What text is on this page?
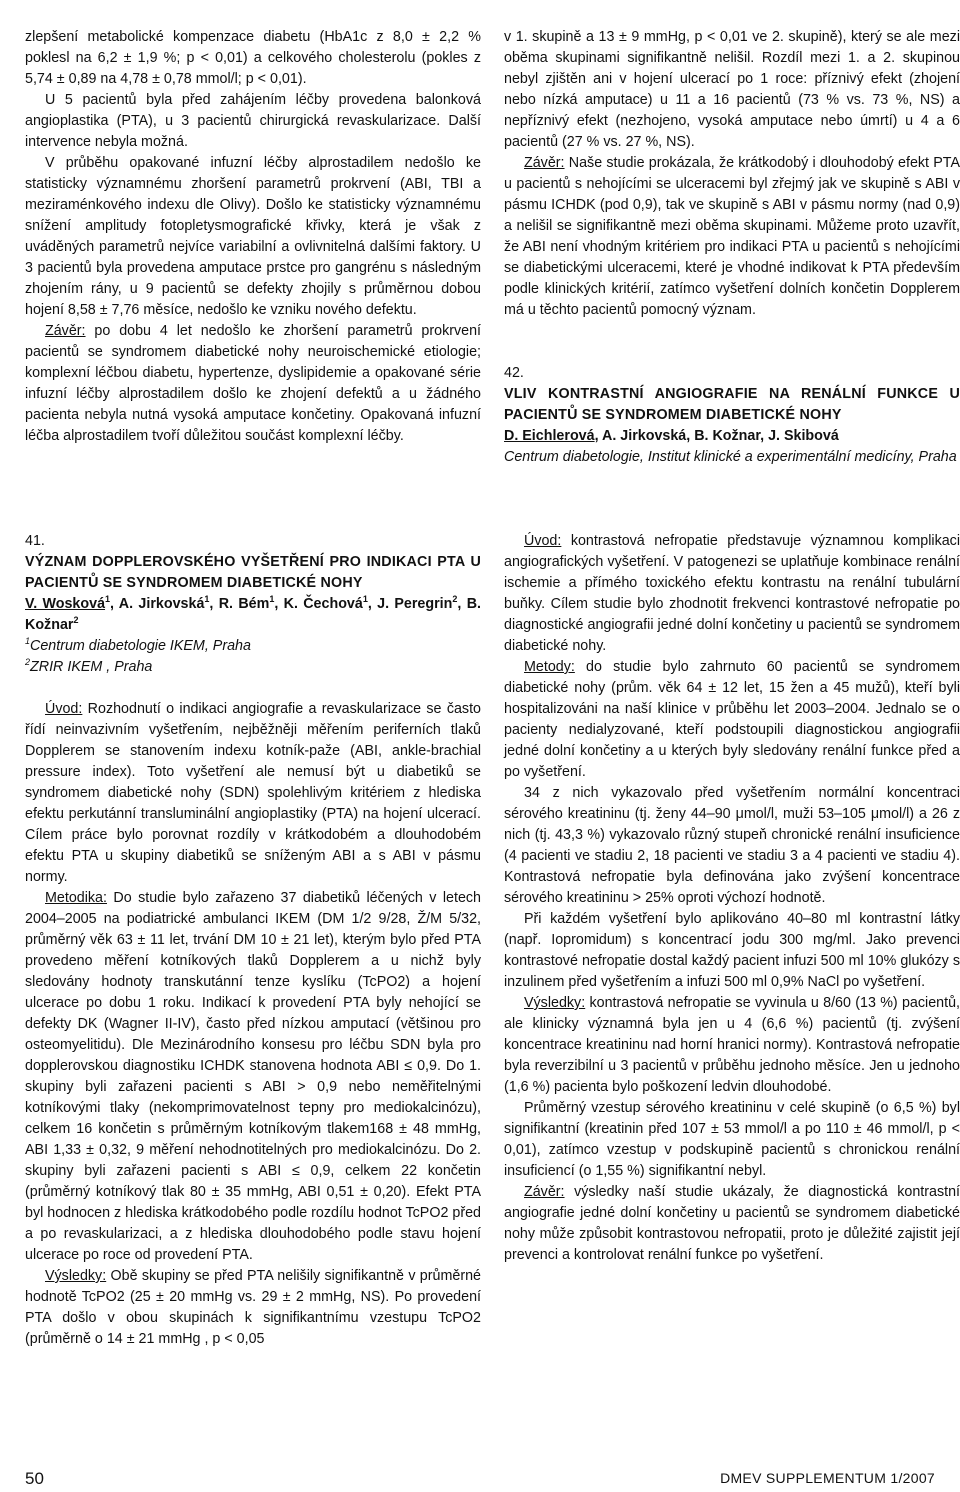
zlepšení metabolické kompenzace diabetu (HbA1c z 8,0 ± 2,2 % poklesl na 6,2 ± 1,9 %; p < 0,01) a celkového cholesterolu (pokles z 5,74 ± 0,89 na 4,78 ± 0,78 mmol/l; p < 0,01).

U 5 pacientů byla před zahájením léčby provedena balonková angioplastika (PTA), u 3 pacientů chirurgická revaskularizace. Další intervence nebyla možná.

V průběhu opakované infuzní léčby alprostadilem nedošlo ke statisticky významnému zhoršení parametrů prokrvení (ABI, TBI a meziraménkového indexu dle Olivy). Došlo ke statisticky významnému snížení amplitudy fotopletysmografické křivky, která je však z uváděných parametrů nejvíce variabilní a ovlivnitelná dalšími faktory. U 3 pacientů byla provedena amputace prstce pro gangrénu s následným zhojením rány, u 9 pacientů se defekty zhojily s průměrnou dobou hojení 8,58 ± 7,76 měsíce, nedošlo ke vzniku nového defektu.

Závěr: po dobu 4 let nedošlo ke zhoršení parametrů prokrvení pacientů se syndromem diabetické nohy neuroischemické etiologie; komplexní léčbou diabetu, hypertenze, dyslipidemie a opakované série infuzní léčby alprostadilem došlo ke zhojení defektů a u žádného pacienta nebyla nutná vysoká amputace končetiny. Opakovaná infuzní léčba alprostadilem tvoří důležitou součást komplexní léčby.

v 1. skupině a 13 ± 9 mmHg, p < 0,01 ve 2. skupině), který se ale mezi oběma skupinami signifikantně nelišil. Rozdíl mezi 1. a 2. skupinou nebyl zjištěn ani v hojení ulcerací po 1 roce: příznivý efekt (zhojení nebo nízká amputace) u 11 a 16 pacientů (73 % vs. 73 %, NS) a nepříznivý efekt (nezhojeno, vysoká amputace nebo úmrtí) u 4 a 6 pacientů (27 % vs. 27 %, NS).

Závěr: Naše studie prokázala, že krátkodobý i dlouhodobý efekt PTA u pacientů s nehojícími se ulceracemi byl zřejmý jak ve skupině s ABI v pásmu ICHDK (pod 0,9), tak ve skupině s ABI v pásmu normy (nad 0,9) a nelišil se signifikantně mezi oběma skupinami. Můžeme proto uzavřít, že ABI není vhodným kritériem pro indikaci PTA u pacientů s nehojícími se diabetickými ulceracemi, které je vhodné indikovat k PTA především podle klinických kritérií, zatímco vyšetření dolních končetin Dopplerem má u těchto pacientů pomocný význam.

42.

VLIV KONTRASTNÍ ANGIOGRAFIE NA RENÁLNÍ FUNKCE U PACIENTŮ SE SYNDROMEM DIABETICKÉ NOHY

D. Eichlerová, A. Jirkovská, B. Kožnar, J. Skibová

Centrum diabetologie, Institut klinické a experimentální medicíny, Praha

41.

VÝZNAM DOPPLEROVSKÉHO VYŠETŘENÍ PRO INDIKACI PTA U PACIENTŮ SE SYNDROMEM DIABETICKÉ NOHY

V. Wosková$^1$, A. Jirkovská$^1$, R. Bém$^1$, K. Čechová$^1$, J. Peregrin$^2$, B. Kožnar$^2$

$^1$Centrum diabetologie IKEM, Praha

$^2$ZRIR IKEM , Praha

Úvod: Rozhodnutí o indikaci angiografie a revaskularizace se často řídí neinvazivním vyšetřením, nejběžněji měřením periferních tlaků Dopplerem se stanovením indexu kotník-paže (ABI, ankle-brachial pressure index). Toto vyšetření ale nemusí být u diabetiků se syndromem diabetické nohy (SDN) spolehlivým kritériem z hlediska efektu perkutánní transluminální angioplastiky (PTA) na hojení ulcerací. Cílem práce bylo porovnat rozdíly v krátkodobém a dlouhodobém efektu PTA u skupiny diabetiků se sníženým ABI a s ABI v pásmu normy.

Metodika: Do studie bylo zařazeno 37 diabetiků léčených v letech 2004–2005 na podiatrické ambulanci IKEM (DM 1/2 9/28, Ž/M 5/32, průměrný věk 63 ± 11 let, trvání DM 10 ± 21 let), kterým bylo před PTA provedeno měření kotníkových tlaků Dopplerem a u nichž byly sledovány hodnoty transkutánní tenze kyslíku (TcPO2) a hojení ulcerace po dobu 1 roku. Indikací k provedení PTA byly nehojící se defekty DK (Wagner II-IV), často před nízkou amputací (většinou pro osteomyelitidu). Dle Mezinárodního konsesu pro léčbu SDN byla pro dopplerovskou diagnostiku ICHDK stanovena hodnota ABI ≤ 0,9. Do 1. skupiny byli zařazeni pacienti s ABI > 0,9 nebo neměřitelnými kotníkovými tlaky (nekomprimovatelnost tepny pro mediokalcinózu), celkem 16 končetin s průměrným kotníkovým tlakem168 ± 48 mmHg, ABI 1,33 ± 0,32, 9 měření nehodnotitelných pro mediokalcinózu. Do 2. skupiny byli zařazeni pacienti s ABI ≤ 0,9, celkem 22 končetin (průměrný kotníkový tlak 80 ± 35 mmHg, ABI 0,51 ± 0,20). Efekt PTA byl hodnocen z hlediska krátkodobého podle rozdílu hodnot TcPO2 před a po revaskularizaci, a z hlediska dlouhodobého podle stavu hojení ulcerace po roce od provedení PTA.

Výsledky: Obě skupiny se před PTA nelišily signifikantně v průměrné hodnotě TcPO2 (25 ± 20 mmHg vs. 29 ± 2 mmHg, NS). Po provedení PTA došlo v obou skupinách k signifikantnímu vzestupu TcPO2 (průměrně o 14 ± 21 mmHg , p < 0,05

Úvod: kontrastová nefropatie představuje významnou komplikaci angiografických vyšetření. V patogenezi se uplatňuje kombinace renální ischemie a přímého toxického efektu kontrastu na renální tubulární buňky. Cílem studie bylo zhodnotit frekvenci kontrastové nefropatie po diagnostické angiografii jedné dolní končetiny u pacientů se syndromem diabetické nohy.

Metody: do studie bylo zahrnuto 60 pacientů se syndromem diabetické nohy (prům. věk 64 ± 12 let, 15 žen a 45 mužů), kteří byli hospitalizováni na naší klinice v průběhu let 2003–2004. Jednalo se o pacienty nedialyzované, kteří podstoupili diagnostickou angiografii jedné dolní končetiny a u kterých byly sledovány renální funkce před a po vyšetření.

34 z nich vykazovalo před vyšetřením normální koncentraci sérového kreatininu (tj. ženy 44–90 μmol/l, muži 53–105 μmol/l) a 26 z nich (tj. 43,3 %) vykazovalo různý stupeň chronické renální insuficience (4 pacienti ve stadiu 2, 18 pacienti ve stadiu 3 a 4 pacienti ve stadiu 4). Kontrastová nefropatie byla definována jako zvýšení koncentrace sérového kreatininu > 25% oproti výchozí hodnotě.

Při každém vyšetření bylo aplikováno 40–80 ml kontrastní látky (např. Iopromidum) s koncentrací jodu 300 mg/ml. Jako prevenci kontrastové nefropatie dostal každý pacient infuzi 500 ml 10% glukózy s inzulinem před vyšetřením a infuzi 500 ml 0,9% NaCl po vyšetření.

Výsledky: kontrastová nefropatie se vyvinula u 8/60 (13 %) pacientů, ale klinicky významná byla jen u 4 (6,6 %) pacientů (tj. zvýšení koncentrace kreatininu nad horní hranici normy). Kontrastová nefropatie byla reverzibilní u 3 pacientů v průběhu jednoho měsíce. Jen u jednoho (1,6 %) pacienta bylo poškození ledvin dlouhodobé.

Průměrný vzestup sérového kreatininu v celé skupině (o 6,5 %) byl signifikantní (kreatinin před 107 ± 53 mmol/l a po 110 ± 46 mmol/l, p < 0,01), zatímco vzestup v podskupině pacientů s chronickou renální insuficiencí (o 1,55 %) signifikantní nebyl.

Závěr: výsledky naší studie ukázaly, že diagnostická kontrastní angiografie jedné dolní končetiny u pacientů se syndromem diabetické nohy může způsobit kontrastovou nefropatii, proto je důležité zajistit její prevenci a kontrolovat renální funkce po vyšetření.

50	DMEV SUPPLEMENTUM 1/2007
